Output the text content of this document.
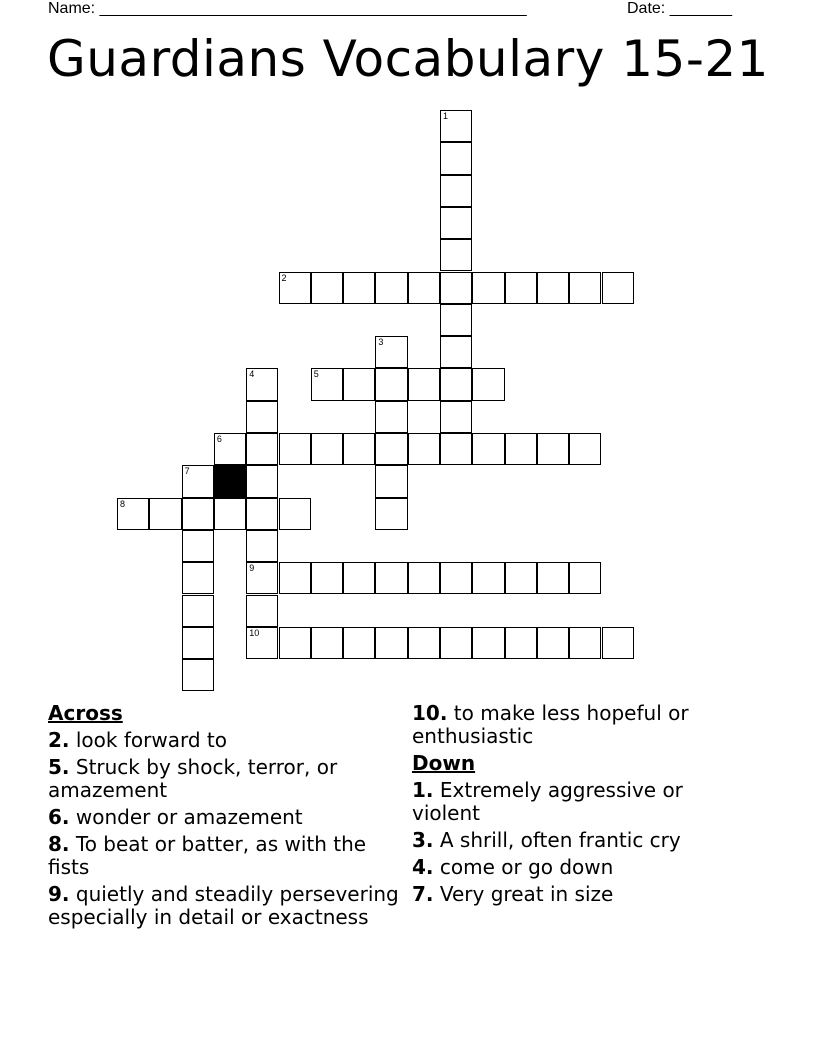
Name: ________________________________________________	Date: _______
Guardians Vocabulary 15-21
1
2
3
5
4
9
10
6
7
8
Across
2. look forward to
5. Struck by shock, terror, or amazement
6. wonder or amazement
8. To beat or batter, as with the fists
9. quietly and steadily persevering especially in detail or exactness
10. to make less hopeful or enthusiastic
Down
1. Extremely aggressive or violent
3. A shrill, often frantic cry
4. come or go down
7. Very great in size
